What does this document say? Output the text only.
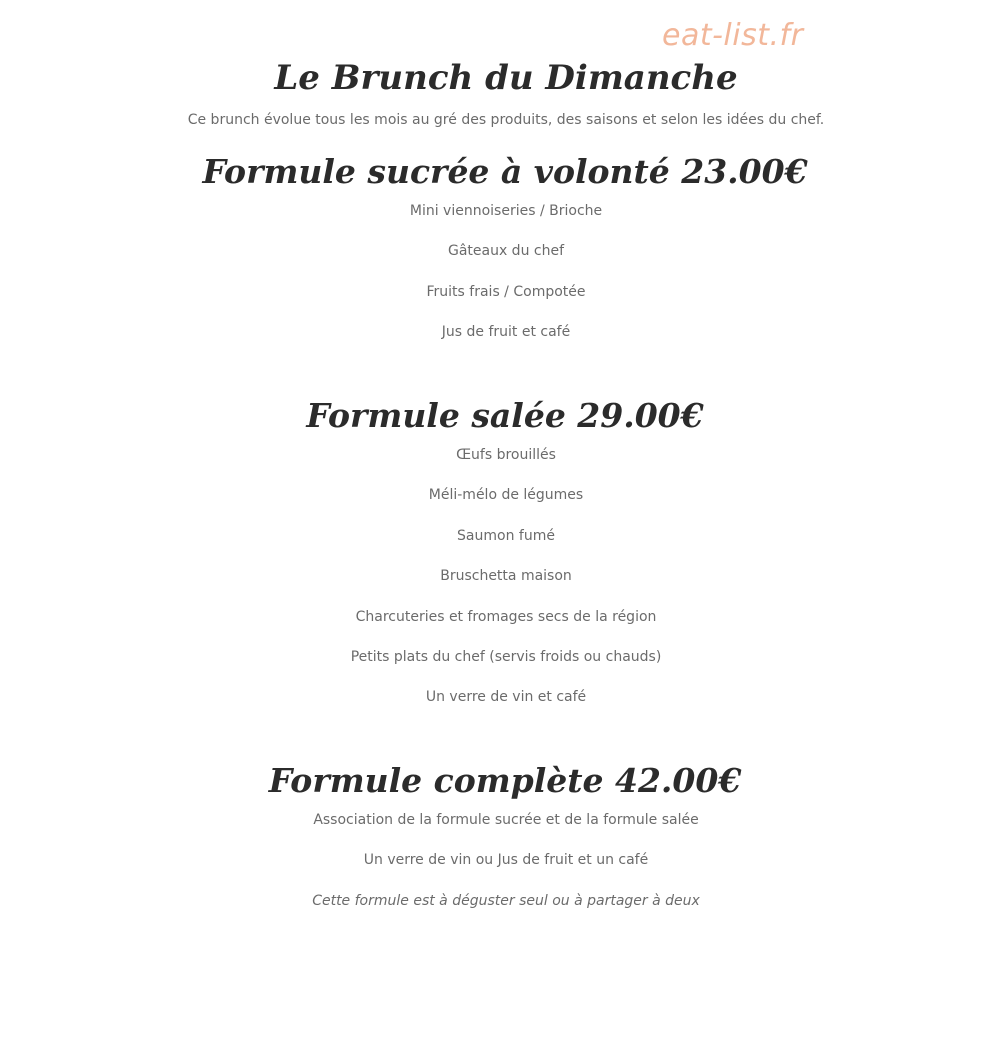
eat-list.fr
Le Brunch du Dimanche
Ce brunch évolue tous les mois au gré des produits, des saisons et selon les idées du chef.
Formule sucrée à volonté 23.00€
Mini viennoiseries / Brioche
Gâteaux du chef
Fruits frais / Compotée
Jus de fruit et café
Formule salée 29.00€
Œufs brouillés
Méli-mélo de légumes
Saumon fumé
Bruschetta maison
Charcuteries et fromages secs de la région
Petits plats du chef (servis froids ou chauds)
Un verre de vin et café
Formule complète 42.00€
Association de la formule sucrée et de la formule salée
Un verre de vin ou Jus de fruit et un café
Cette formule est à déguster seul ou à partager à deux
